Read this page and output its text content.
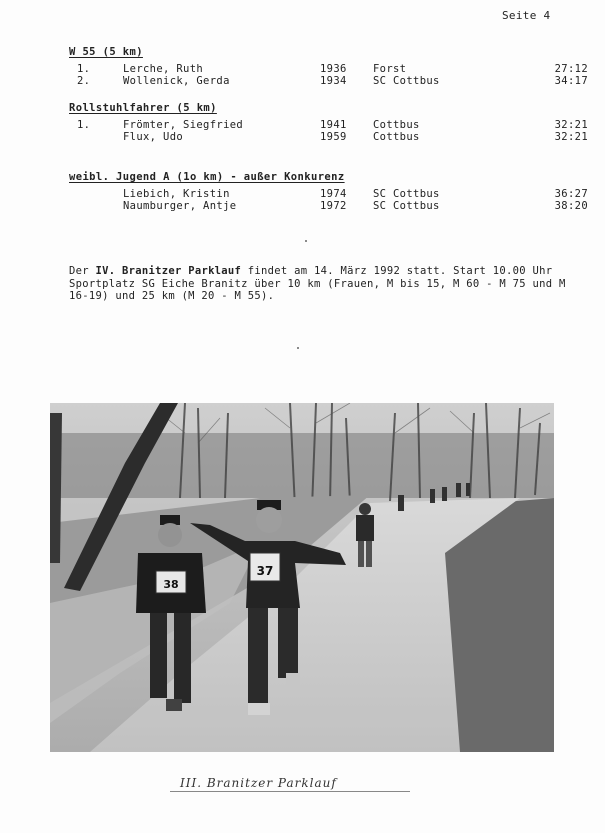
Seite 4
W 55 (5 km)
1.	Lerche, Ruth	1936	Forst	27:12
2.	Wollenick, Gerda	1934	SC Cottbus	34:17
Rollstuhlfahrer (5 km)
1.	Frömter, Siegfried	1941	Cottbus	32:21
Flux, Udo	1959	Cottbus	32:21
weibl. Jugend A (1o km) - außer Konkurenz
Liebich, Kristin	1974	SC Cottbus	36:27
Naumburger, Antje	1972	SC Cottbus	38:20
Der IV. Branitzer Parklauf findet am 14. März 1992 statt. Start 10.00 Uhr Sportplatz SG Eiche Branitz über 10 km (Frauen, M bis 15, M 60 - M 75 und M 16-19) und 25 km (M 20 - M 55).
38
37
III. Branitzer Parklauf
